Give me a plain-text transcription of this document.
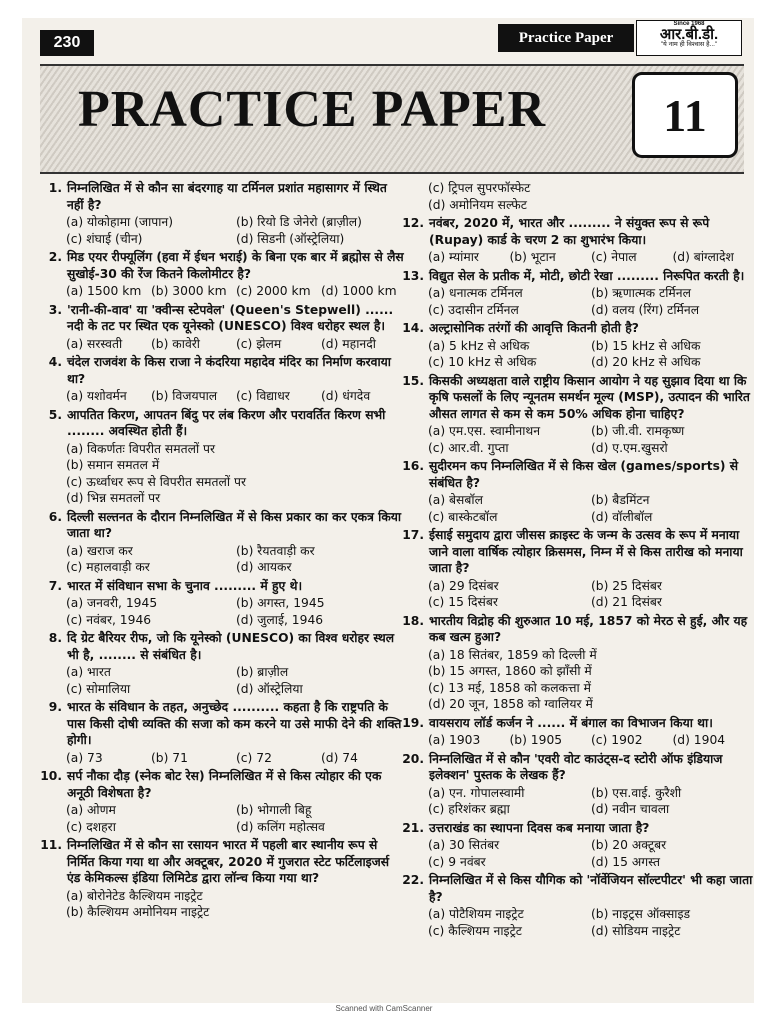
230	Practice Paper
Since 1968
आर.बी.डी.
"ये नाम ही विश्वास है..."
PRACTICE PAPER	11
1. निम्नलिखित में से कौन सा बंदरगाह या टर्मिनल प्रशांत महासागर में स्थित नहीं है?
(a) योकोहामा (जापान)	(b) रियो डि जेनेरो (ब्राज़ील)
(c) शंघाई (चीन)	(d) सिडनी (ऑस्ट्रेलिया)
2. मिड एयर रीफ्यूलिंग (हवा में ईधन भराई) के बिना एक बार में ब्रह्मोस से लैस सुखोई-30 की रेंज कितने किलोमीटर है?
(a) 1500 km (b) 3000 km (c) 2000 km (d) 1000 km
3. 'रानी-की-वाव' या 'क्वीन्स स्टेपवेल' (Queen's Stepwell) ...... नदी के तट पर स्थित एक यूनेस्को (UNESCO) विश्व धरोहर स्थल है।
(a) सरस्वती	(b) कावेरी	(c) झेलम	(d) महानदी
4. चंदेल राजवंश के किस राजा ने कंदरिया महादेव मंदिर का निर्माण करवाया था?
(a) यशोवर्मन	(b) विजयपाल	(c) विद्याधर	(d) धंगदेव
5. आपतित किरण, आपतन बिंदु पर लंब किरण और परावर्तित किरण सभी ........ अवस्थित होती हैं।
(a) विकर्णतः विपरीत समतलों पर
(b) समान समतल में
(c) ऊर्ध्वाधर रूप से विपरीत समतलों पर
(d) भिन्न समतलों पर
6. दिल्ली सल्तनत के दौरान निम्नलिखित में से किस प्रकार का कर एकत्र किया जाता था?
(a) खराज कर	(b) रैयतवाड़ी कर
(c) महालवाड़ी कर	(d) आयकर
7. भारत में संविधान सभा के चुनाव ......... में हुए थे।
(a) जनवरी, 1945	(b) अगस्त, 1945
(c) नवंबर, 1946	(d) जुलाई, 1946
8. दि ग्रेट बैरियर रीफ, जो कि यूनेस्को (UNESCO) का विश्व धरोहर स्थल भी है, ........ से संबंधित है।
(a) भारत	(b) ब्राज़ील
(c) सोमालिया	(d) ऑस्ट्रेलिया
9. भारत के संविधान के तहत, अनुच्छेद .......... कहता है कि राष्ट्रपति के पास किसी दोषी व्यक्ति की सजा को कम करने या उसे माफी देने की शक्ति होगी।
(a) 73	(b) 71	(c) 72	(d) 74
10. सर्प नौका दौड़ (स्नेक बोट रेस) निम्नलिखित में से किस त्योहार की एक अनूठी विशेषता है?
(a) ओणम	(b) भोगाली बिहू
(c) दशहरा	(d) कलिंग महोत्सव
11. निम्नलिखित में से कौन सा रसायन भारत में पहली बार स्थानीय रूप से निर्मित किया गया था और अक्टूबर, 2020 में गुजरात स्टेट फर्टिलाइजर्स एंड केमिकल्स इंडिया लिमिटेड द्वारा लॉन्च किया गया था?
(a) बोरोनेटेड कैल्शियम नाइट्रेट
(b) कैल्शियम अमोनियम नाइट्रेट
(c) ट्रिपल सुपरफॉस्फेट
(d) अमोनियम सल्फेट
12. नवंबर, 2020 में, भारत और ......... ने संयुक्त रूप से रूपे (Rupay) कार्ड के चरण 2 का शुभारंभ किया।
(a) म्यांमार	(b) भूटान	(c) नेपाल	(d) बांग्लादेश
13. विद्युत सेल के प्रतीक में, मोटी, छोटी रेखा ......... निरूपित करती है।
(a) धनात्मक टर्मिनल	(b) ऋणात्मक टर्मिनल
(c) उदासीन टर्मिनल	(d) वलय (रिंग) टर्मिनल
14. अल्ट्रासोनिक तरंगों की आवृत्ति कितनी होती है?
(a) 5 kHz से अधिक	(b) 15 kHz से अधिक
(c) 10 kHz से अधिक	(d) 20 kHz से अधिक
15. किसकी अध्यक्षता वाले राष्ट्रीय किसान आयोग ने यह सुझाव दिया था कि कृषि फसलों के लिए न्यूनतम समर्थन मूल्य (MSP), उत्पादन की भारित औसत लागत से कम से कम 50% अधिक होना चाहिए?
(a) एम.एस. स्वामीनाथन	(b) जी.वी. रामकृष्ण
(c) आर.वी. गुप्ता	(d) ए.एम.खुसरो
16. सुदीरमन कप निम्नलिखित में से किस खेल (games/sports) से संबंधित है?
(a) बेसबॉल	(b) बैडमिंटन
(c) बास्केटबॉल	(d) वॉलीबॉल
17. ईसाई समुदाय द्वारा जीसस क्राइस्ट के जन्म के उत्सव के रूप में मनाया जाने वाला वार्षिक त्योहार क्रिसमस, निम्न में से किस तारीख को मनाया जाता है?
(a) 29 दिसंबर	(b) 25 दिसंबर
(c) 15 दिसंबर	(d) 21 दिसंबर
18. भारतीय विद्रोह की शुरुआत 10 मई, 1857 को मेरठ से हुई, और यह कब खत्म हुआ?
(a) 18 सितंबर, 1859 को दिल्ली में
(b) 15 अगस्त, 1860 को झाँसी में
(c) 13 मई, 1858 को कलकत्ता में
(d) 20 जून, 1858 को ग्वालियर में
19. वायसराय लॉर्ड कर्जन ने ...... में बंगाल का विभाजन किया था।
(a) 1903	(b) 1905	(c) 1902	(d) 1904
20. निम्नलिखित में से कौन 'एवरी वोट काउंट्स-द स्टोरी ऑफ इंडियाज इलेक्शन' पुस्तक के लेखक हैं?
(a) एन. गोपालस्वामी	(b) एस.वाई. कुरैशी
(c) हरिशंकर ब्रह्मा	(d) नवीन चावला
21. उत्तराखंड का स्थापना दिवस कब मनाया जाता है?
(a) 30 सितंबर	(b) 20 अक्टूबर
(c) 9 नवंबर	(d) 15 अगस्त
22. निम्नलिखित में से किस यौगिक को 'नॉर्वेजियन सॉल्टपीटर' भी कहा जाता है?
(a) पोटैशियम नाइट्रेट	(b) नाइट्रस ऑक्साइड
(c) कैल्शियम नाइट्रेट	(d) सोडियम नाइट्रेट
Scanned with CamScanner
